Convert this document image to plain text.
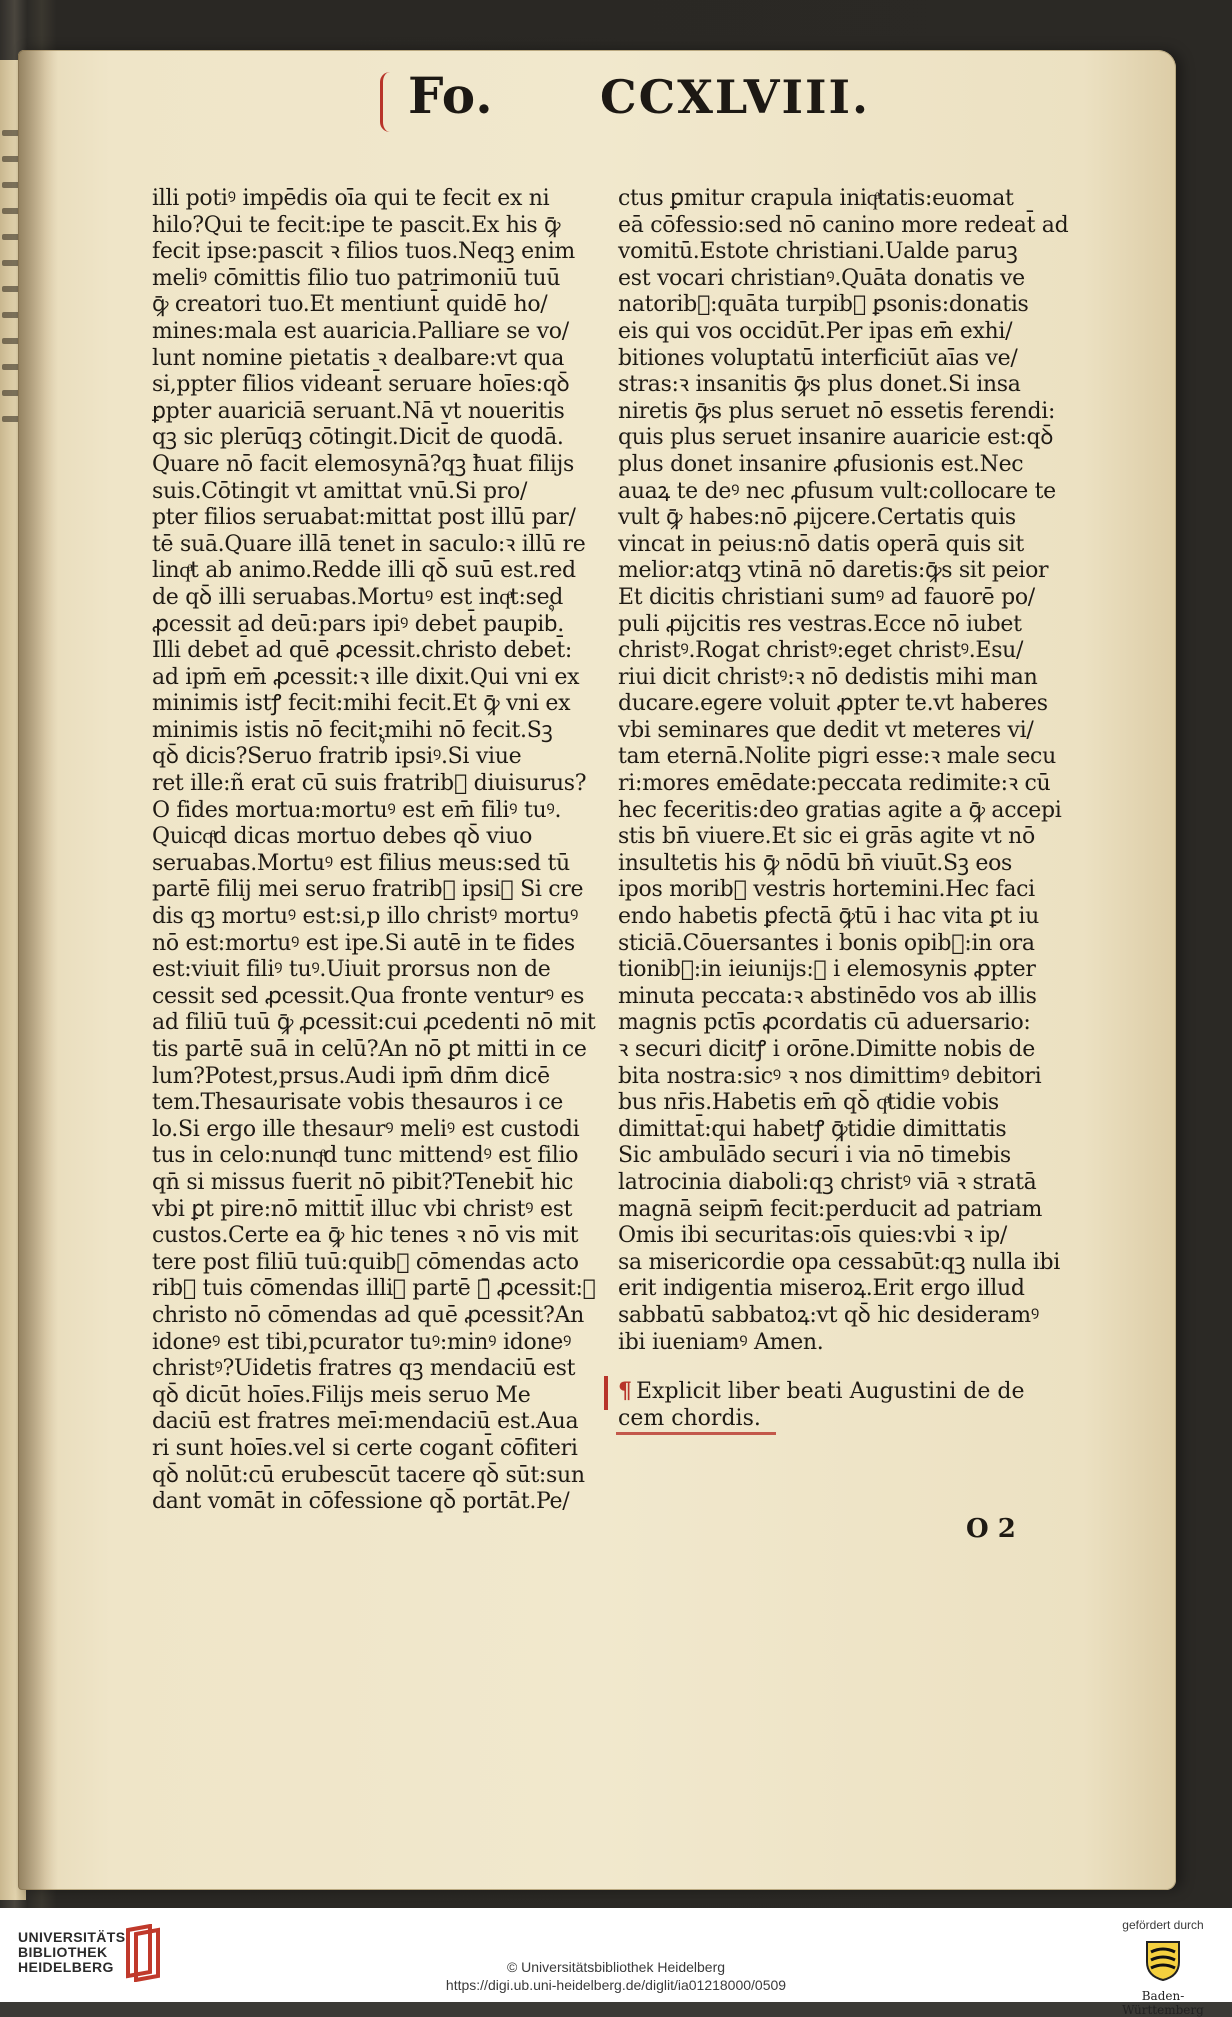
Fo. CCXLVIII.
illi potiꝰ impēdis oīa qui te fecit ex ni
hilo?Qui te fecit:ipe te pascit.Ex his ꝙ̄
fecit ipse:pascit ꝛ filios tuos.Neqꝫ enim
meliꝰ cōmittis filio tuo patrimoniū tuū
ꝙ̄ creatori tuo.Et mentiunt̄ quidē ho/
mines:mala est auaricia.Palliare se vo/
lunt nomine pietatis ꝛ dealbare:vt qua
si,ppter filios videant̄ seruare hoīes:qꝺ̄
ꝑpter auariciā seruant.Nā vt noueritis
qꝫ sic plerūqꝫ cōtingit.Dicit̄ de quodā.
Quare nō facit elemosynā?qꝫ ħuat filijs
suis.Cōtingit vt amittat vnū.Si pro/
pter filios seruabat:mittat post illū par/
tē suā.Quare illā tenet in saculo:ꝛ illū re
linqͣt ab animo.Redde illi qꝺ̄ suū est.red
de qꝺ̄ illi seruabas.Mortuꝰ est inqͣt:sed
ꝓcessit ad deū:pars ipiꝰ debet̄ paupib᷒.
Illi debet̄ ad quē ꝓcessit.christo debet̄:
ad ipm̄ em̄ ꝓcessit:ꝛ ille dixit.Qui vni ex
minimis istꝭ fecit:mihi fecit.Et ꝙ̄ vni ex
minimis istis nō fecit:mihi nō fecit.Sꝫ
qꝺ̄ dicis?Seruo fratrib᷒ ipsiꝰ.Si viue
ret ille:ñ erat cū suis fratrib᷒ diuisurus?
O fides mortua:mortuꝰ est em̄ filiꝰ tuꝰ.
Quicqͣd dicas mortuo debes qꝺ̄ viuo
seruabas.Mortuꝰ est filius meus:sed tū
partē filij mei seruo fratrib᷒ ipsiꝰ Si cre
dis qꝫ mortuꝰ est:si,p illo christꝰ mortuꝰ
nō est:mortuꝰ est ipe.Si autē in te fides
est:viuit filiꝰ tuꝰ.Uiuit prorsus non de
cessit sed ꝓcessit.Qua fronte venturꝰ es
ad filiū tuū ꝙ̄ ꝓcessit:cui ꝓcedenti nō mit
tis partē suā in celū?An nō ꝑt mitti in ce
lum?Potest,prsus.Audi ipm̄ dn̄m dicē
tem.Thesaurisate vobis thesauros i ce
lo.Si ergo ille thesaurꝰ meliꝰ est custodi
tus in celo:nunqͣd tunc mittendꝰ est filio
qn̄ si missus fuerit nō pibit?Tenebit̄ hic
vbi ꝑt pire:nō mittit̄ illuc vbi christꝰ est
custos.Certe ea ꝙ̄ hic tenes ꝛ nō vis mit
tere post filiū tuū:quib᷒ cōmendas acto
rib᷒ tuis cōmendas illiꝰ partē ꝙ̄ ꝓcessit:ꝛ
christo nō cōmendas ad quē ꝓcessit?An
idoneꝰ est tibi,pcurator tuꝰ:minꝰ idoneꝰ
christꝰ?Uidetis fratres qꝫ mendaciū est
qꝺ̄ dicūt hoīes.Filijs meis seruo Me
daciū est fratres meī:mendaciū est.Aua
ri sunt hoīes.vel si certe cogant̄ cōfiteri
qꝺ̄ nolūt:cū erubescūt tacere qꝺ̄ sūt:sun
dant vomāt in cōfessione qꝺ̄ portāt.Pe/
ctus ꝑmitur crapula iniqͣtatis:euomat
eā cōfessio:sed nō canino more redeat̄ ad
vomitū.Estote christiani.Ualde paruꝫ
est vocari christianꝰ.Quāta donatis ve
natorib᷒:quāta turpib᷒ ꝑsonis:donatis
eis qui vos occidūt.Per ipas em̄ exhi/
bitiones voluptatū interficiūt aīas ve/
stras:ꝛ insanitis ꝙ̄s plus donet.Si insa
niretis ꝙ̄s plus seruet nō essetis ferendi:
quis plus seruet insanire auaricie est:qꝺ̄
plus donet insanire ꝓfusionis est.Nec
auaꝝ te deꝰ nec ꝓfusum vult:collocare te
vult ꝙ̄ habes:nō ꝓijcere.Certatis quis
vincat in peius:nō datis operā quis sit
melior:atqꝫ vtinā nō daretis:ꝙ̄s sit peior
Et dicitis christiani sumꝰ ad fauorē po/
puli ꝓijcitis res vestras.Ecce nō iubet
christꝰ.Rogat christꝰ:eget christꝰ.Esu/
riui dicit christꝰ:ꝛ nō dedistis mihi man
ducare.egere voluit ꝓpter te.vt haberes
vbi seminares que dedit vt meteres vi/
tam eternā.Nolite pigri esse:ꝛ male secu
ri:mores emēdate:peccata redimite:ꝛ cū
hec feceritis:deo gratias agite a ꝙ̄ accepi
stis bn̄ viuere.Et sic ei grās agite vt nō
insultetis his ꝙ̄ nōdū bn̄ viuūt.Sꝫ eos
ipos morib᷒ vestris hortemini.Hec faci
endo habetis ꝑfectā ꝙ̄tū i hac vita ꝑt iu
sticiā.Cōuersantes i bonis opib᷒:in ora
tionib᷒:in ieiunijs:ꝛ i elemosynis ꝓpter
minuta peccata:ꝛ abstinēdo vos ab illis
magnis pctīs ꝓcordatis cū aduersario:
ꝛ securi dicitꝭ i orōne.Dimitte nobis de
bita nostra:sicꝰ ꝛ nos dimittimꝰ debitori
bus nr̄is.Habetis em̄ qꝺ̄ qͣtidie vobis
dimittat̄:qui habetꝭ ꝙ̄tidie dimittatis
Sic ambulādo securi i via nō timebis
latrocinia diaboli:qꝫ christꝰ viā ꝛ stratā
magnā seipm̄ fecit:perducit ad patriam
Omis ibi securitas:oīs quies:vbi ꝛ ip/
sa misericordie opa cessabūt:qꝫ nulla ibi
erit indigentia miseroꝝ.Erit ergo illud
sabbatū sabbatoꝝ:vt qꝺ̄ hic desideramꝰ
ibi iueniamꝰ Amen.
¶ Explicit liber beati Augustini de de
cem chordis.
O 2
UNIVERSITÄTS-
BIBLIOTHEK
HEIDELBERG	© Universitätsbibliothek Heidelberg
https://digi.ub.uni-heidelberg.de/diglit/ia01218000/0509
gefördert durch
Baden-Württemberg
